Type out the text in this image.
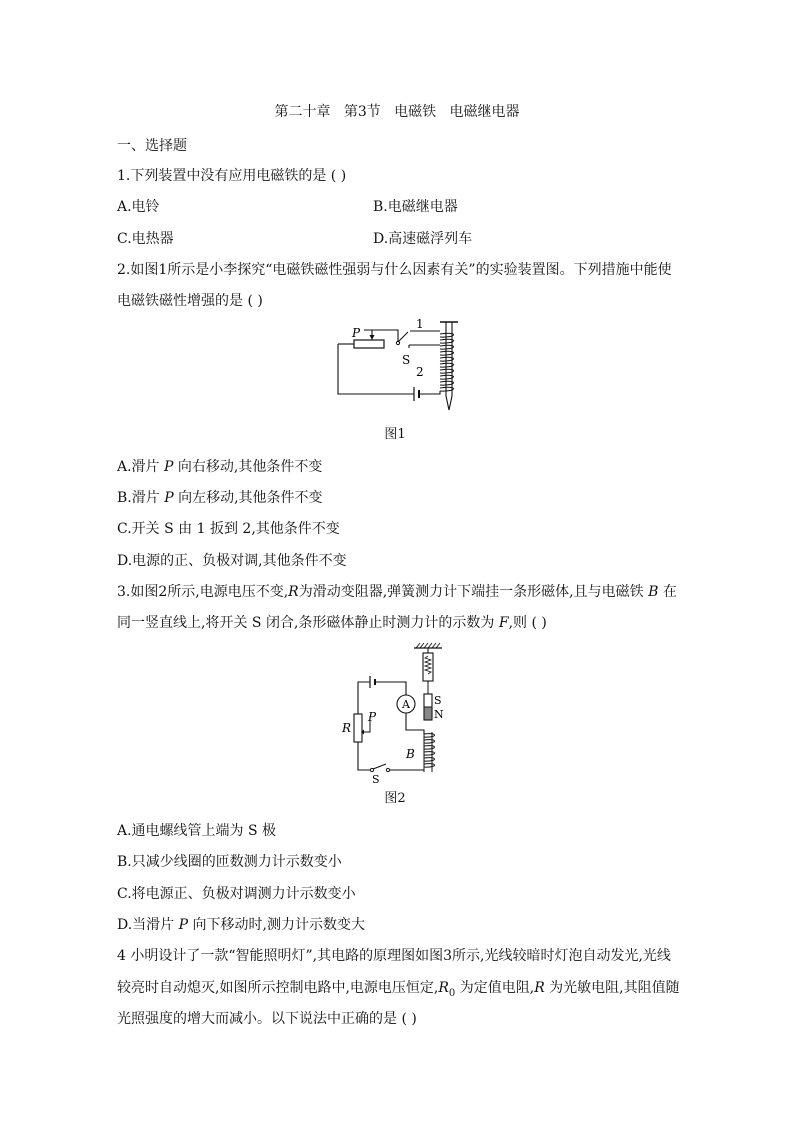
第二十章   第3节   电磁铁   电磁继电器
一、选择题
1.下列装置中没有应用电磁铁的是 ( )
A.电铃	B.电磁继电器
C.电热器	D.高速磁浮列车
2.如图1所示是小李探究“电磁铁磁性强弱与什么因素有关”的实验装置图。下列措施中能使
电磁铁磁性增强的是 ( )
P
S
1
2
图1
A.滑片 P 向右移动,其他条件不变
B.滑片 P 向左移动,其他条件不变
C.开关 S 由 1 扳到 2,其他条件不变
D.电源的正、负极对调,其他条件不变
3.如图2所示,电源电压不变,R为滑动变阻器,弹簧测力计下端挂一条形磁体,且与电磁铁 B 在
同一竖直线上,将开关 S 闭合,条形磁体静止时测力计的示数为 F,则 ( )
S
N
B
A
R
P
S
图2
A.通电螺线管上端为 S 极
B.只减少线圈的匝数测力计示数变小
C.将电源正、负极对调测力计示数变小
D.当滑片 P 向下移动时,测力计示数变大
4 小明设计了一款“智能照明灯”,其电路的原理图如图3所示,光线较暗时灯泡自动发光,光线
较亮时自动熄灭,如图所示控制电路中,电源电压恒定$,R_0$ 为定值电阻,R 为光敏电阻,其阻值随
光照强度的增大而减小。以下说法中正确的是 ( )
